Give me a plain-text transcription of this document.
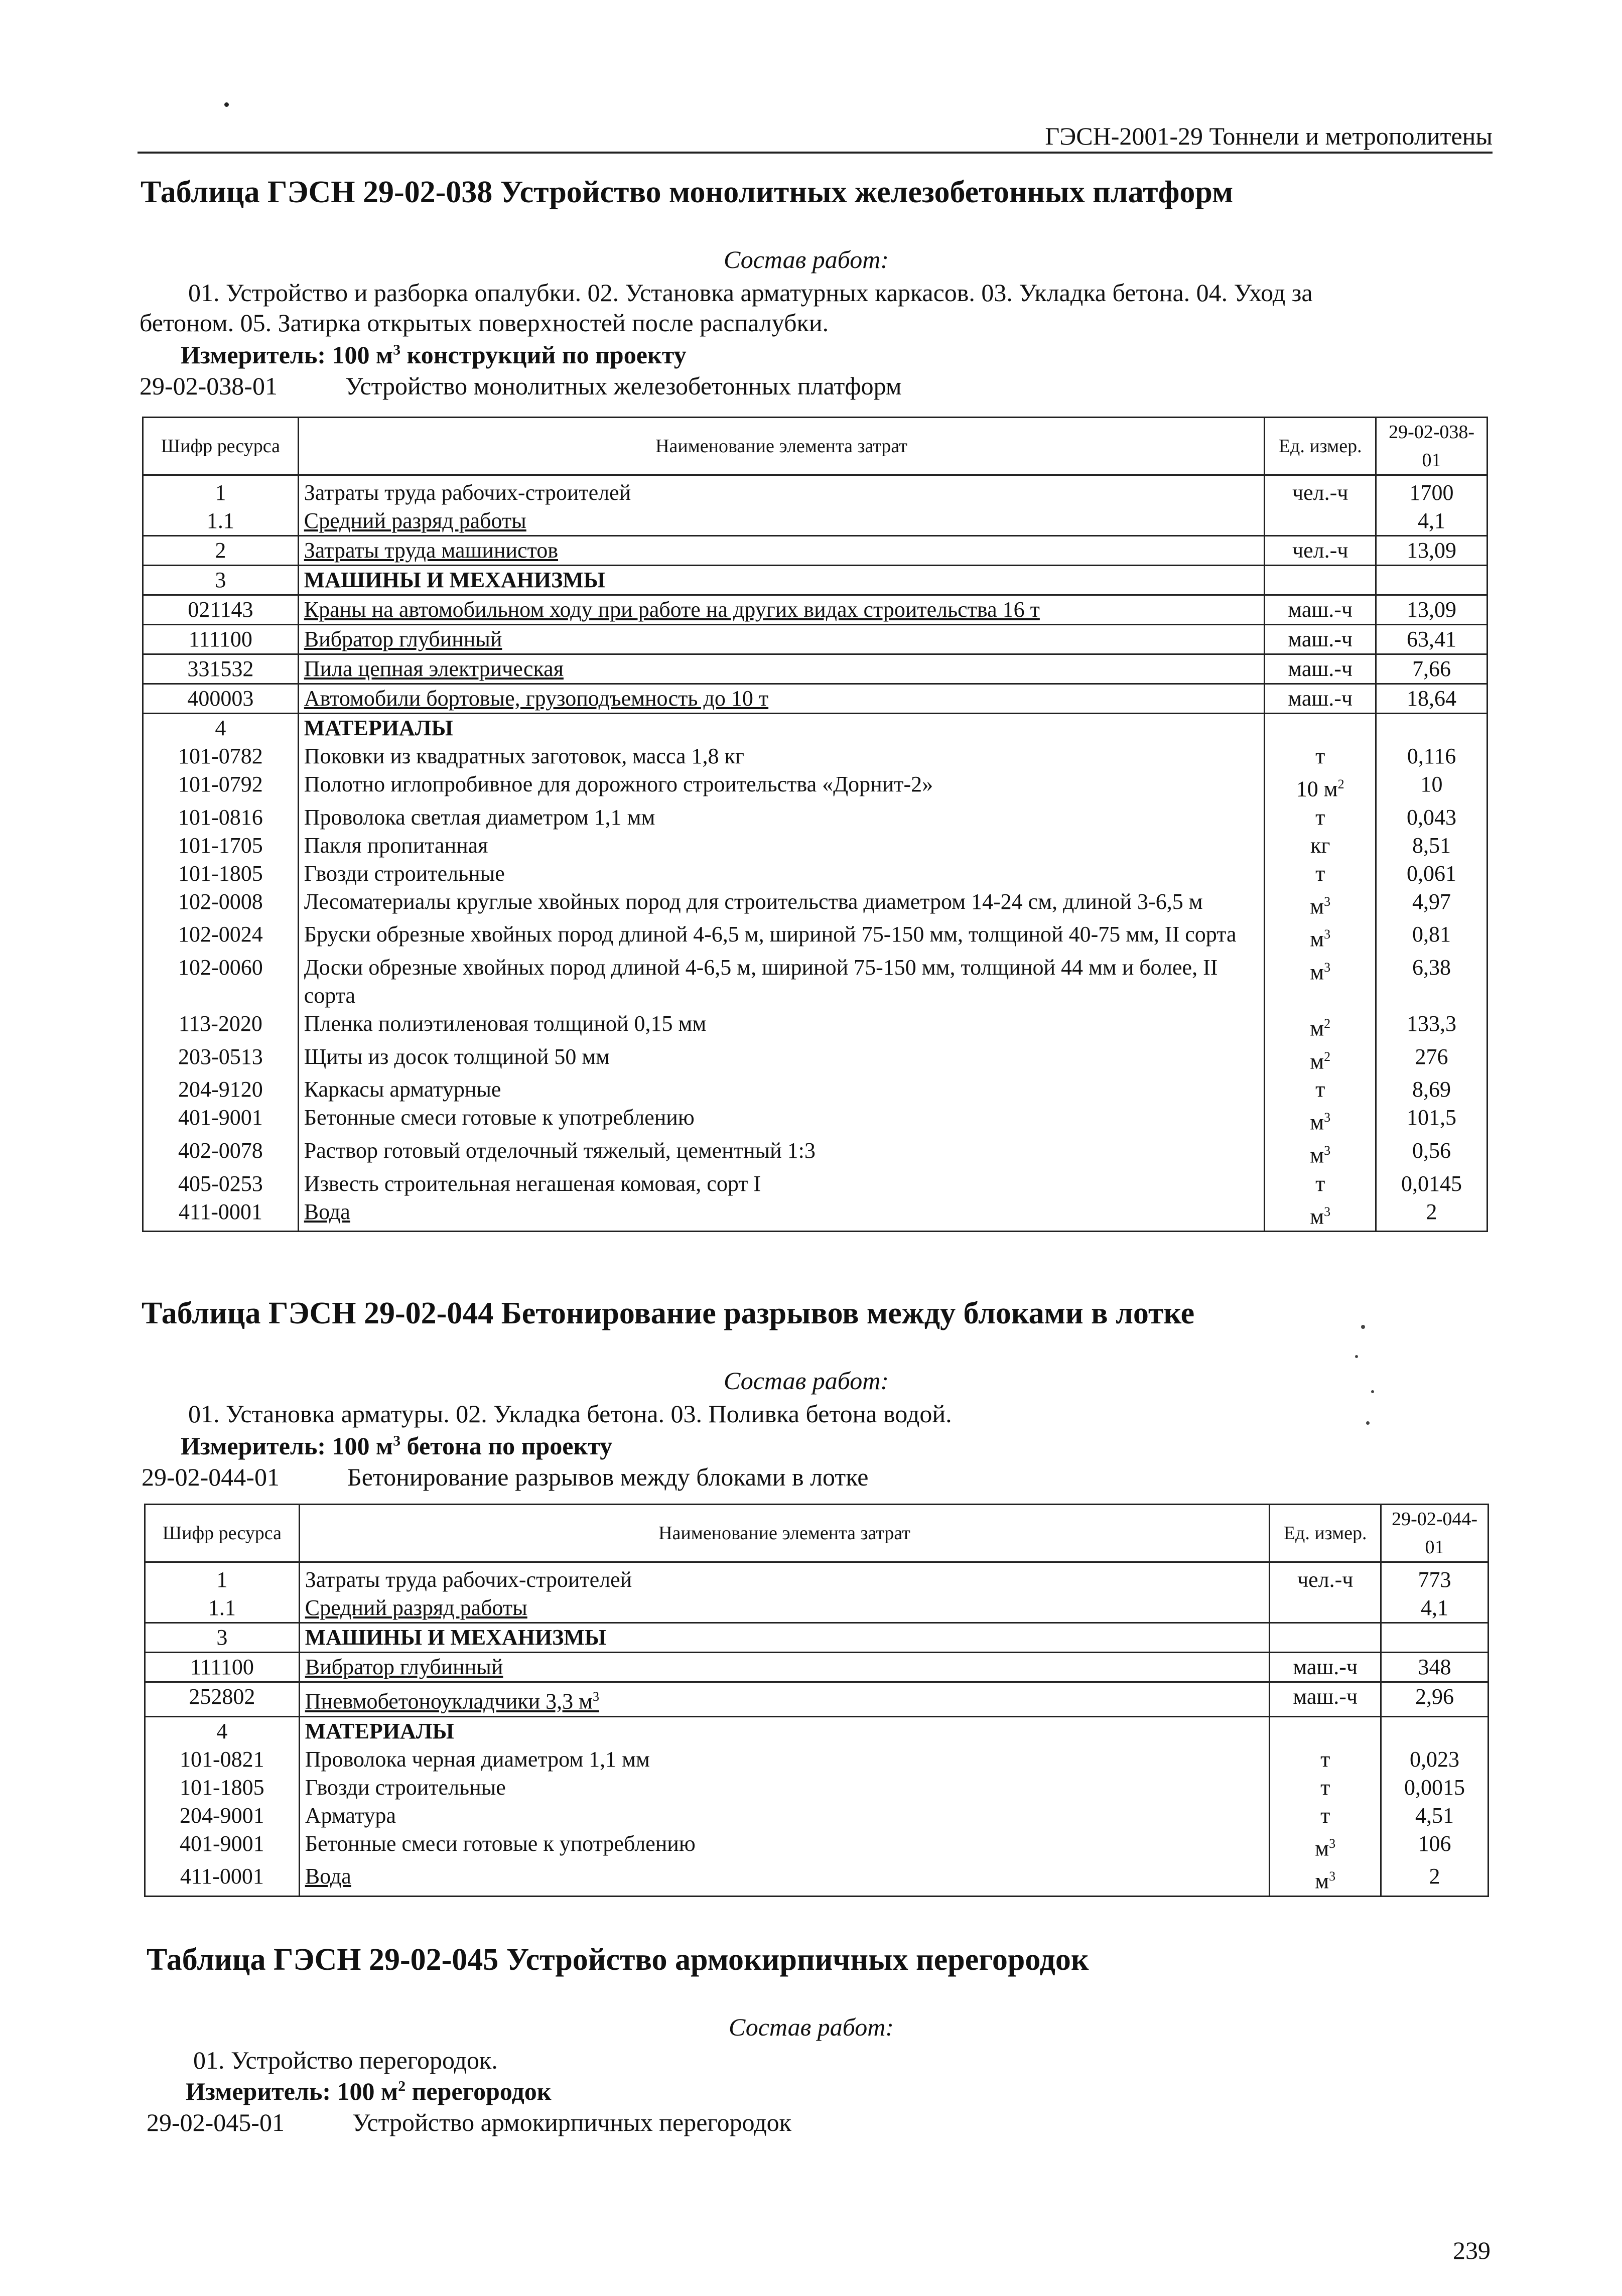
ГЭСН-2001-29 Тоннели и метрополитены
Таблица ГЭСН 29-02-038 Устройство монолитных железобетонных платформ
Состав работ:
01. Устройство и разборка опалубки. 02. Установка арматурных каркасов. 03. Укладка бетона. 04. Уход за
бетоном. 05. Затирка открытых поверхностей после распалубки.
Измеритель: 100 $м^3$ конструкций по проекту
29-02-038-01	Устройство монолитных железобетонных платформ
Шифр ресурса	Наименование элемента затрат	Ед. измер.	29-02-038-01
1	Затраты труда рабочих-строителей	чел.-ч	1700
1.1	Средний разряд работы		4,1
2	Затраты труда машинистов	чел.-ч	13,09
3	МАШИНЫ И МЕХАНИЗМЫ		
021143	Краны на автомобильном ходу при работе на других видах строительства 16 т	маш.-ч	13,09
111100	Вибратор глубинный	маш.-ч	63,41
331532	Пила цепная электрическая	маш.-ч	7,66
400003	Автомобили бортовые, грузоподъемность до 10 т	маш.-ч	18,64
4	МАТЕРИАЛЫ		
101-0782	Поковки из квадратных заготовок, масса 1,8 кг	т	0,116
101-0792	Полотно иглопробивное для дорожного строительства «Дорнит-2»	10 $м^2$	10
101-0816	Проволока светлая диаметром 1,1 мм	т	0,043
101-1705	Пакля пропитанная	кг	8,51
101-1805	Гвозди строительные	т	0,061
102-0008	Лесоматериалы круглые хвойных пород для строительства диаметром 14-24 см, длиной 3-6,5 м	$м^3$	4,97
102-0024	Бруски обрезные хвойных пород длиной 4-6,5 м, шириной 75-150 мм, толщиной 40-75 мм, II сорта	$м^3$	0,81
102-0060	Доски обрезные хвойных пород длиной 4-6,5 м, шириной 75-150 мм, толщиной 44 мм и более, II сорта	$м^3$	6,38
113-2020	Пленка полиэтиленовая толщиной 0,15 мм	$м^2$	133,3
203-0513	Щиты из досок толщиной 50 мм	$м^2$	276
204-9120	Каркасы арматурные	т	8,69
401-9001	Бетонные смеси готовые к употреблению	$м^3$	101,5
402-0078	Раствор готовый отделочный тяжелый, цементный 1:3	$м^3$	0,56
405-0253	Известь строительная негашеная комовая, сорт I	т	0,0145
411-0001	Вода	$м^3$	2
Таблица ГЭСН 29-02-044 Бетонирование разрывов между блоками в лотке
Состав работ:
01. Установка арматуры. 02. Укладка бетона. 03. Поливка бетона водой.
Измеритель: 100 $м^3$ бетона по проекту
29-02-044-01	Бетонирование разрывов между блоками в лотке
Шифр ресурса	Наименование элемента затрат	Ед. измер.	29-02-044-01
1	Затраты труда рабочих-строителей	чел.-ч	773
1.1	Средний разряд работы		4,1
3	МАШИНЫ И МЕХАНИЗМЫ		
111100	Вибратор глубинный	маш.-ч	348
252802	Пневмобетоноукладчики 3,3 $м^3$	маш.-ч	2,96
4	МАТЕРИАЛЫ		
101-0821	Проволока черная диаметром 1,1 мм	т	0,023
101-1805	Гвозди строительные	т	0,0015
204-9001	Арматура	т	4,51
401-9001	Бетонные смеси готовые к употреблению	$м^3$	106
411-0001	Вода	$м^3$	2
Таблица ГЭСН 29-02-045 Устройство армокирпичных перегородок
Состав работ:
01. Устройство перегородок.
Измеритель: 100 $м^2$ перегородок
29-02-045-01	Устройство армокирпичных перегородок
239
